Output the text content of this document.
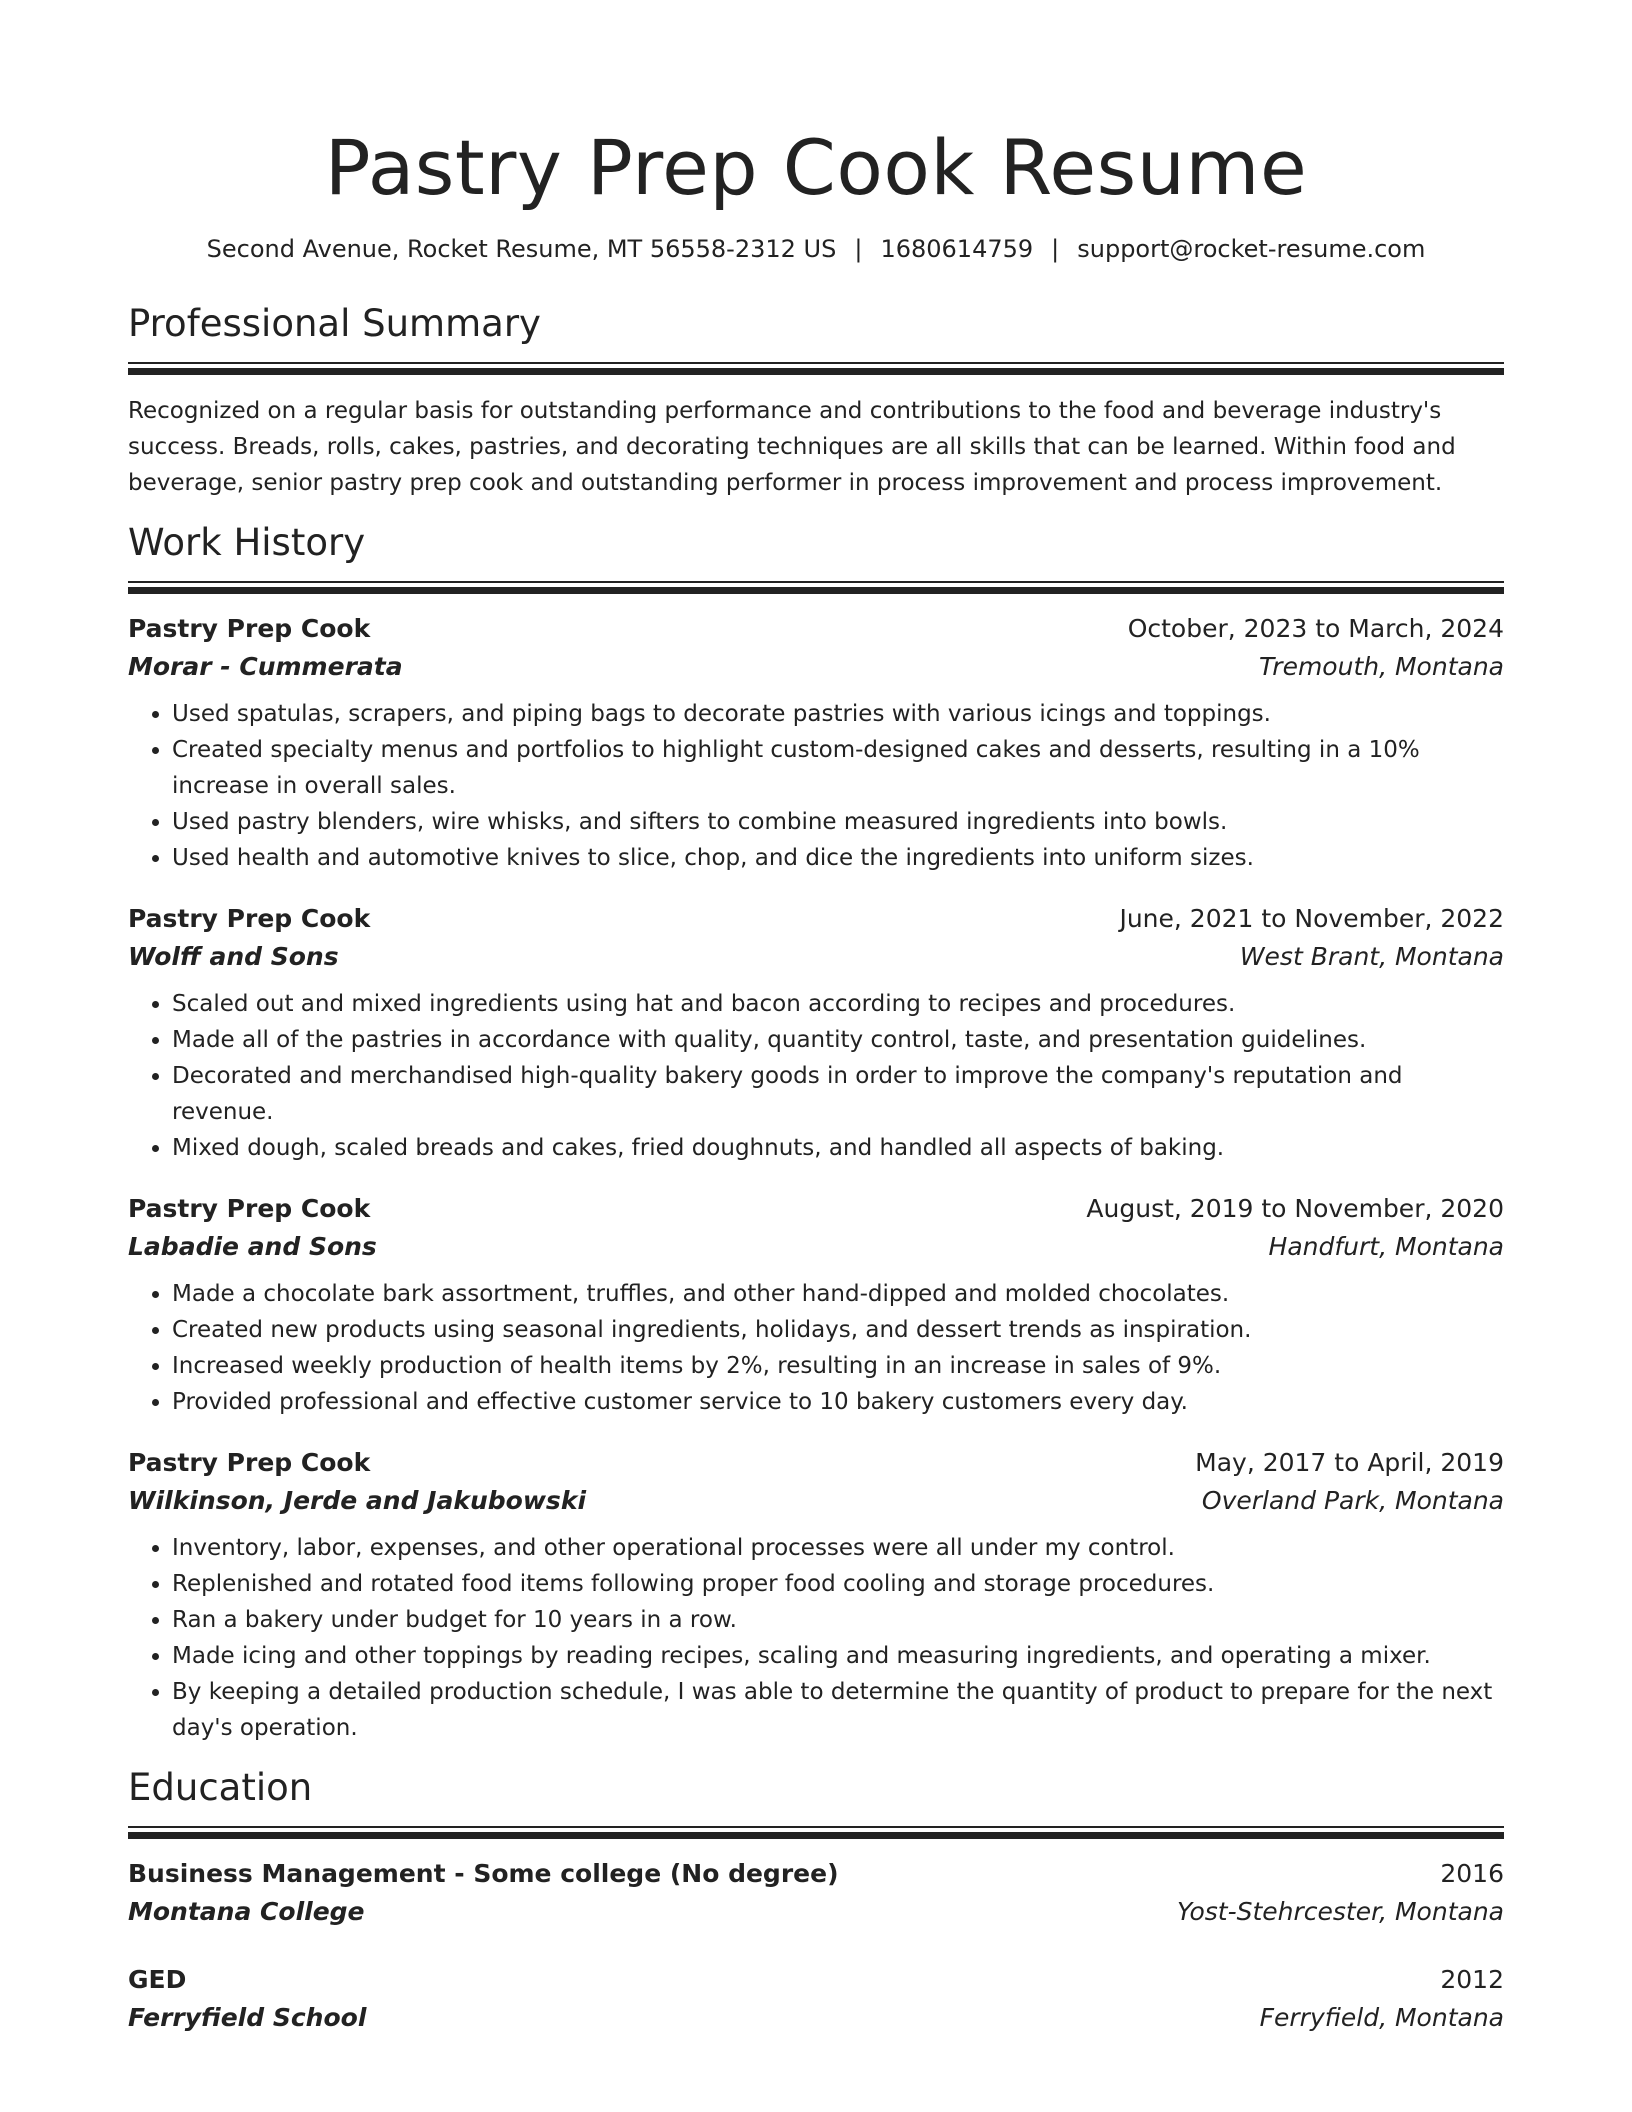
Pastry Prep Cook Resume
Second Avenue, Rocket Resume, MT 56558-2312 US | 1680614759 | support@rocket-resume.com
Professional Summary
Recognized on a regular basis for outstanding performance and contributions to the food and beverage industry's success. Breads, rolls, cakes, pastries, and decorating techniques are all skills that can be learned. Within food and beverage, senior pastry prep cook and outstanding performer in process improvement and process improvement.
Work History
Pastry Prep Cook	October, 2023 to March, 2024
Morar - Cummerata	Tremouth, Montana
• Used spatulas, scrapers, and piping bags to decorate pastries with various icings and toppings.
• Created specialty menus and portfolios to highlight custom-designed cakes and desserts, resulting in a 10% increase in overall sales.
• Used pastry blenders, wire whisks, and sifters to combine measured ingredients into bowls.
• Used health and automotive knives to slice, chop, and dice the ingredients into uniform sizes.
Pastry Prep Cook	June, 2021 to November, 2022
Wolff and Sons	West Brant, Montana
• Scaled out and mixed ingredients using hat and bacon according to recipes and procedures.
• Made all of the pastries in accordance with quality, quantity control, taste, and presentation guidelines.
• Decorated and merchandised high-quality bakery goods in order to improve the company's reputation and revenue.
• Mixed dough, scaled breads and cakes, fried doughnuts, and handled all aspects of baking.
Pastry Prep Cook	August, 2019 to November, 2020
Labadie and Sons	Handfurt, Montana
• Made a chocolate bark assortment, truffles, and other hand-dipped and molded chocolates.
• Created new products using seasonal ingredients, holidays, and dessert trends as inspiration.
• Increased weekly production of health items by 2%, resulting in an increase in sales of 9%.
• Provided professional and effective customer service to 10 bakery customers every day.
Pastry Prep Cook	May, 2017 to April, 2019
Wilkinson, Jerde and Jakubowski	Overland Park, Montana
• Inventory, labor, expenses, and other operational processes were all under my control.
• Replenished and rotated food items following proper food cooling and storage procedures.
• Ran a bakery under budget for 10 years in a row.
• Made icing and other toppings by reading recipes, scaling and measuring ingredients, and operating a mixer.
• By keeping a detailed production schedule, I was able to determine the quantity of product to prepare for the next day's operation.
Education
Business Management - Some college (No degree)	2016
Montana College	Yost-Stehrcester, Montana
GED	2012
Ferryfield School	Ferryfield, Montana
